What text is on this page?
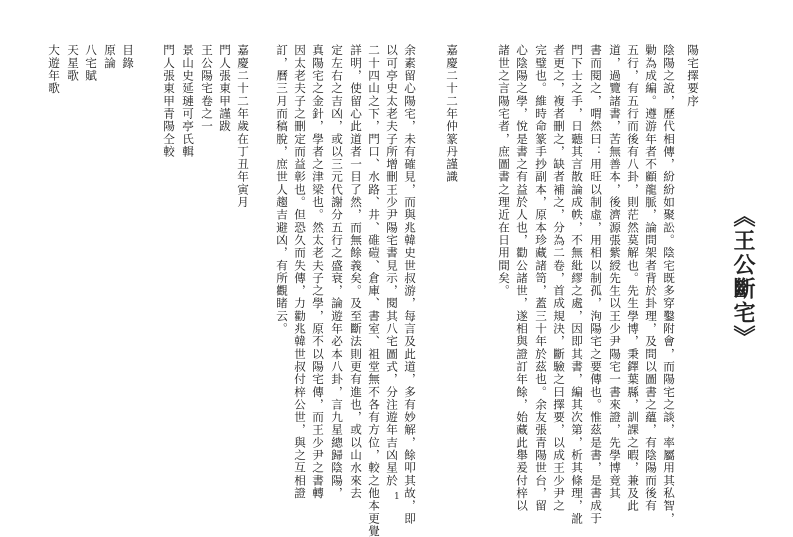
《王公斷宅》
陽宅擇要序
陰陽之說，歷代相傳，紛紛如聚訟。陰宅既多穿鑿附會，而陽宅之談，率屬用其私智，
勦為成編。遵游年者不顧龍脈，論問架者背於卦理，及問以圖書之蘊，有陰陽而後有
五行，有五行而後有八卦，則茫然莫解也。先生學博，秉鐸葉縣，訓課之暇，兼及此
道，過覽諸書，苦無善本，後濟源張紫綬先生以王少尹陽宅一書來證，先學博竟其
書而閱之，喟然曰：用旺以制虛，用相以制孤，洵陽宅之要傳也。惟茲是書，是書成于
門下士之手，日聽其言散論成帙，不無紕繆之處，因即其書，編其次第，析其條理，訛
者更之，複者刪之，缺者補之，分為二卷，首成規決，斷驗之曰擇要，以成王少尹之
完璧也。維時命篆手抄副本，原本珍藏諸笥，蓋三十年於茲也。余友張青陽世台，留
心陰陽之學，悅是書之有益於人也，勸公諸世，遂相與證訂年餘，始藏此舉爰付梓以
諸世之言陽宅者，庶圖書之理近在日用間矣。
嘉慶二十二年仲篆丹謹識
余素留心陽宅，未有確見，而與兆韓史世叔游，每言及此道，多有妙解，餘叩其故，即
以可亭史太老夫子所增刪王少尹陽宅書見示，閱其八宅圖式，分注遊年吉凶星於
二十四山之下，門口、水路、井、碓磑、倉庫、書室、祖堂無不各有方位，較之他本更覺
詳明，使留心此道者一目了然，而無餘義矣。及至斷法則更有進也，或以山水來去
定左右之吉凶，或以三元代謝分五行之盛衰，論遊年必本八卦，言九星總歸陰陽，
真陽宅之金針，學者之津梁也。然太老夫子之學，原不以陽宅傳，而王少尹之書轉
因太老夫子之刪定而益彰也。但恐久而失傳，力勸兆韓世叔付梓公世，與之互相證
訂，曆三月而稿脫，庶世人趨吉避凶，有所觀睹云。
嘉慶二十二年歲在丁丑年寅月
門人張東甲謹跋
王公陽宅卷之一
景山史延璉可亭氏輯
門人張東甲青陽仝較
目錄
原論
八宅賦
天星歌
大遊年歌
1
